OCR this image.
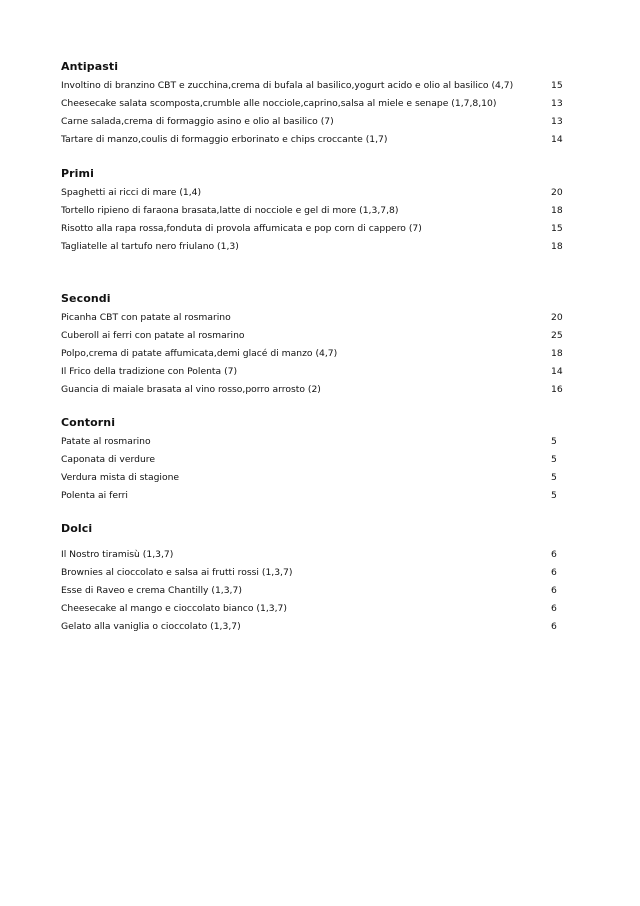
Antipasti
Involtino di branzino CBT e zucchina,crema di bufala al basilico,yogurt acido e olio al basilico (4,7)	15
Cheesecake salata scomposta,crumble alle nocciole,caprino,salsa al miele e senape (1,7,8,10)	13
Carne salada,crema di formaggio asino e olio al basilico (7)	13
Tartare di manzo,coulis di formaggio erborinato e chips croccante (1,7)	14
Primi
Spaghetti ai ricci di mare (1,4)	20
Tortello ripieno di faraona brasata,latte di nocciole e gel di more (1,3,7,8)	18
Risotto alla rapa rossa,fonduta di provola affumicata e pop corn di cappero (7)	15
Tagliatelle al tartufo nero friulano (1,3)	18
Secondi
Picanha CBT con patate al rosmarino	20
Cuberoll ai ferri con patate al rosmarino	25
Polpo,crema di patate affumicata,demi glacé di manzo (4,7)	18
Il Frico della tradizione con Polenta (7)	14
Guancia di maiale brasata al vino rosso,porro arrosto (2)	16
Contorni
Patate al rosmarino	5
Caponata di verdure	5
Verdura mista di stagione	5
Polenta ai ferri	5
Dolci
Il Nostro tiramisù (1,3,7)	6
Brownies al cioccolato e salsa ai frutti rossi (1,3,7)	6
Esse di Raveo e crema Chantilly (1,3,7)	6
Cheesecake al mango e cioccolato bianco (1,3,7)	6
Gelato alla vaniglia o cioccolato (1,3,7)	6
